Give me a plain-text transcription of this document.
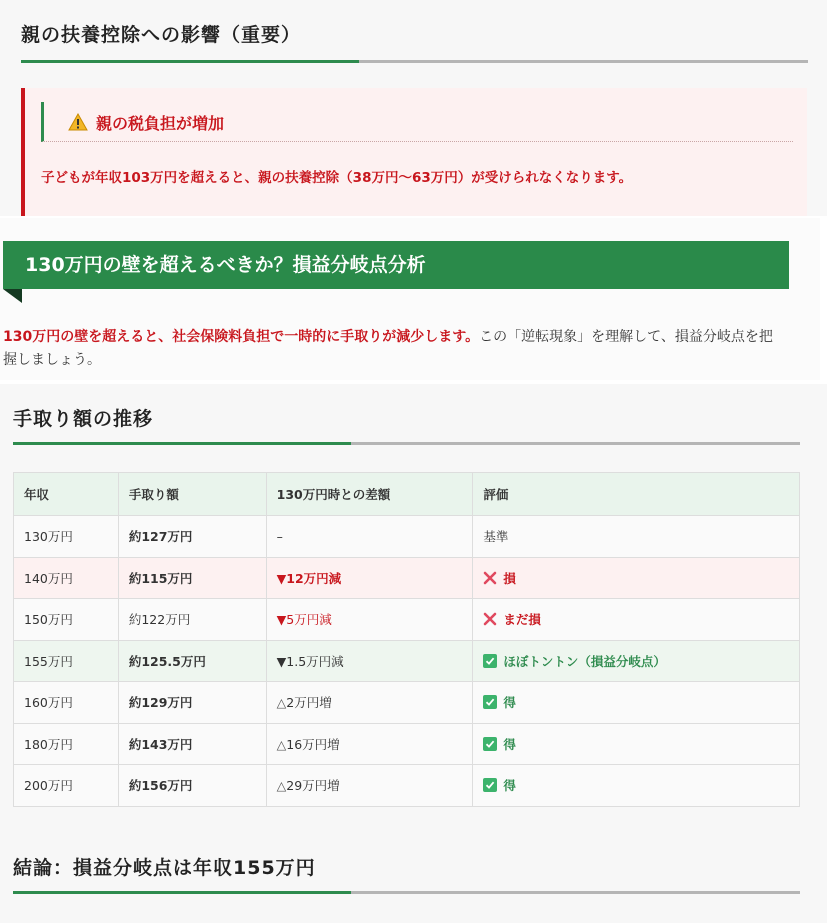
親の扶養控除への影響（重要）
親の税負担が増加
子どもが年収103万円を超えると、親の扶養控除（38万円〜63万円）が受けられなくなります。
130万円の壁を超えるべきか？損益分岐点分析
130万円の壁を超えると、社会保険料負担で一時的に手取りが減少します。この「逆転現象」を理解して、損益分岐点を把握しましょう。
手取り額の推移
年収	手取り額	130万円時との差額	評価
130万円	約127万円	–	基準
140万円	約115万円	▼12万円減	損
150万円	約122万円	▼5万円減	まだ損
155万円	約125.5万円	▼1.5万円減	ほぼトントン（損益分岐点）
160万円	約129万円	△2万円増	得
180万円	約143万円	△16万円増	得
200万円	約156万円	△29万円増	得
結論：損益分岐点は年収155万円
